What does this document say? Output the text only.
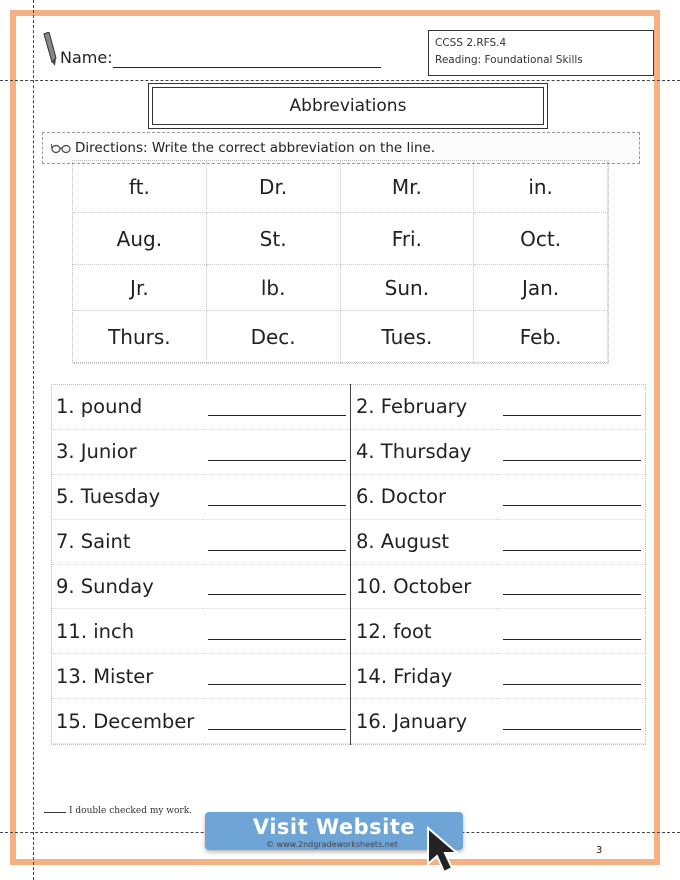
Name:
CCSS 2.RFS.4
Reading: Foundational Skills
Abbreviations
Directions: Write the correct abbreviation on the line.
ft.	Dr.	Mr.	in.
Aug.	St.	Fri.	Oct.
Jr.	lb.	Sun.	Jan.
Thurs.	Dec.	Tues.	Feb.
1. pound	2. February
3. Junior	4. Thursday
5. Tuesday	6. Doctor
7. Saint	8. August
9. Sunday	10. October
11. inch	12. foot
13. Mister	14. Friday
15. December	16. January
I double checked my work.
Visit Website
© www.2ndgradeworksheets.net
3
